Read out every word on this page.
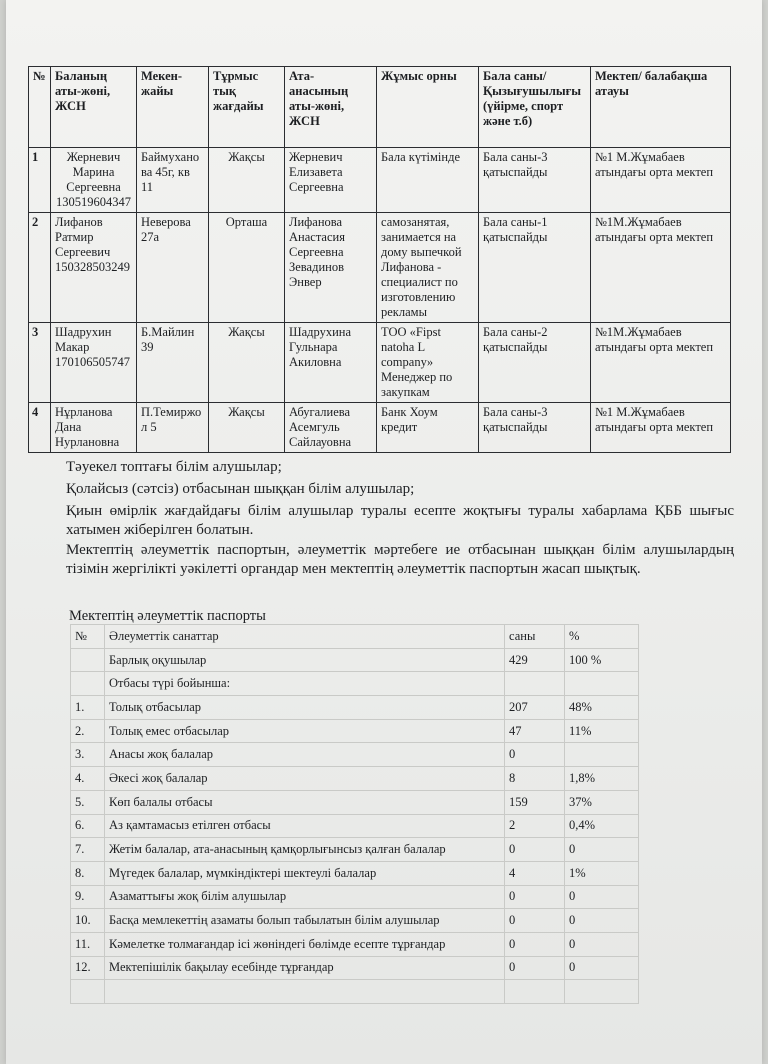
№	Баланың аты-жөні, ЖСН	Мекен-жайы	Тұрмыс тық жағдайы	Ата-анасының аты-жөні, ЖСН	Жұмыс орны	Бала саны/ Қызығушылығы (үйірме, спорт және т.б)	Мектеп/ балабақша атауы
1	Жерневич Марина Сергеевна 130519604347	Баймуханова 45г, кв 11	Жақсы	Жерневич Елизавета Сергеевна	Бала күтімінде	Бала саны-3 қатыспайды	№1 М.Жұмабаев атындағы орта мектеп
2	Лифанов Ратмир Сергеевич 150328503249	Неверова 27а	Орташа	Лифанова Анастасия Сергеевна Зевадинов Энвер	самозанятая, занимается на дому выпечкой Лифанова - специалист по изготовлению рекламы	Бала саны-1 қатыспайды	№1М.Жұмабаев атындағы орта мектеп
3	Шадрухин Макар 170106505747	Б.Майлин 39	Жақсы	Шадрухина Гульнара Акиловна	ТОО «Fipst natoha L company» Менеджер по закупкам	Бала саны-2 қатыспайды	№1М.Жұмабаев атындағы орта мектеп
4	Нұрланова Дана Нурлановна	П.Темиржол 5	Жақсы	Абугалиева Асемгуль Сайлауовна	Банк Хоум кредит	Бала саны-3 қатыспайды	№1 М.Жұмабаев атындағы орта мектеп
Тәуекел топтағы білім алушылар;
Қолайсыз (сәтсіз) отбасынан шыққан білім алушылар;
Қиын өмірлік жағдайдағы білім алушылар туралы есепте жоқтығы туралы хабарлама ҚББ шығыс хатымен жіберілген болатын.
Мектептің әлеуметтік паспортын, әлеуметтік мәртебеге ие отбасынан шыққан білім алушылардың тізімін жергілікті уәкілетті органдар мен мектептің әлеуметтік паспортын жасап шықтық.
Мектептің әлеуметтік паспорты
№	Әлеуметтік санаттар	саны	%
	Барлық оқушылар	429	100 %
	Отбасы түрі бойынша:		
1.	Толық отбасылар	207	48%
2.	Толық емес отбасылар	47	11%
3.	Анасы жоқ балалар	0	
4.	Әкесі жоқ балалар	8	1,8%
5.	Көп балалы отбасы	159	37%
6.	Аз қамтамасыз етілген отбасы	2	0,4%
7.	Жетім балалар, ата-анасының қамқорлығынсыз қалған балалар	0	0
8.	Мүгедек балалар, мүмкіндіктері шектеулі балалар	4	1%
9.	Азаматтығы жоқ білім алушылар	0	0
10.	Басқа мемлекеттің азаматы болып табылатын білім алушылар	0	0
11.	Кәмелетке толмағандар ісі жөніндегі бөлімде есепте тұрғандар	0	0
12.	Мектепішілік бақылау есебінде тұрғандар	0	0
